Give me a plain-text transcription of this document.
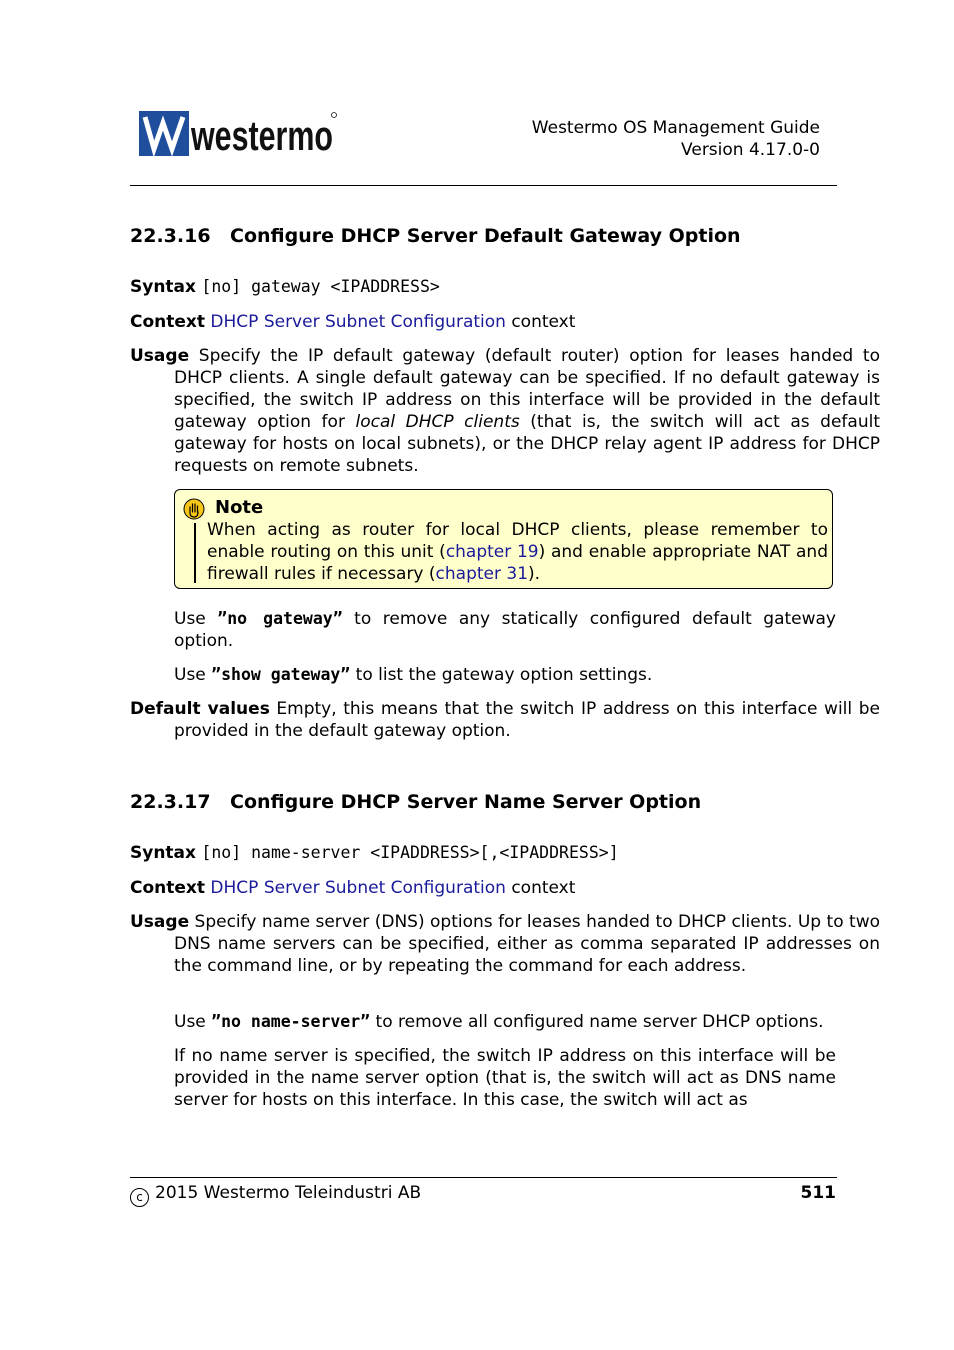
westermo	Westermo OS Management Guide
Version 4.17.0-0
22.3.16 Configure DHCP Server Default Gateway Option
Syntax [no] gateway <IPADDRESS>
Context DHCP Server Subnet Configuration context
Usage Specify the IP default gateway (default router) option for leases handed to DHCP clients. A single default gateway can be specified. If no default gateway is specified, the switch IP address on this interface will be provided in the default gateway option for local DHCP clients (that is, the switch will act as default gateway for hosts on local subnets), or the DHCP relay agent IP address for DHCP requests on remote subnets.
Note
When acting as router for local DHCP clients, please remember to enable routing on this unit (chapter 19) and enable appropriate NAT and firewall rules if necessary (chapter 31).
Use ”no gateway” to remove any statically configured default gateway option.
Use ”show gateway” to list the gateway option settings.
Default values Empty, this means that the switch IP address on this interface will be provided in the default gateway option.
22.3.17 Configure DHCP Server Name Server Option
Syntax [no] name-server <IPADDRESS>[,<IPADDRESS>]
Context DHCP Server Subnet Configuration context
Usage Specify name server (DNS) options for leases handed to DHCP clients. Up to two DNS name servers can be specified, either as comma separated IP addresses on the command line, or by repeating the command for each address.
Use ”no name-server” to remove all configured name server DHCP options.
If no name server is specified, the switch IP address on this interface will be provided in the name server option (that is, the switch will act as DNS name server for hosts on this interface. In this case, the switch will act as
c 2015 Westermo Teleindustri AB	511
